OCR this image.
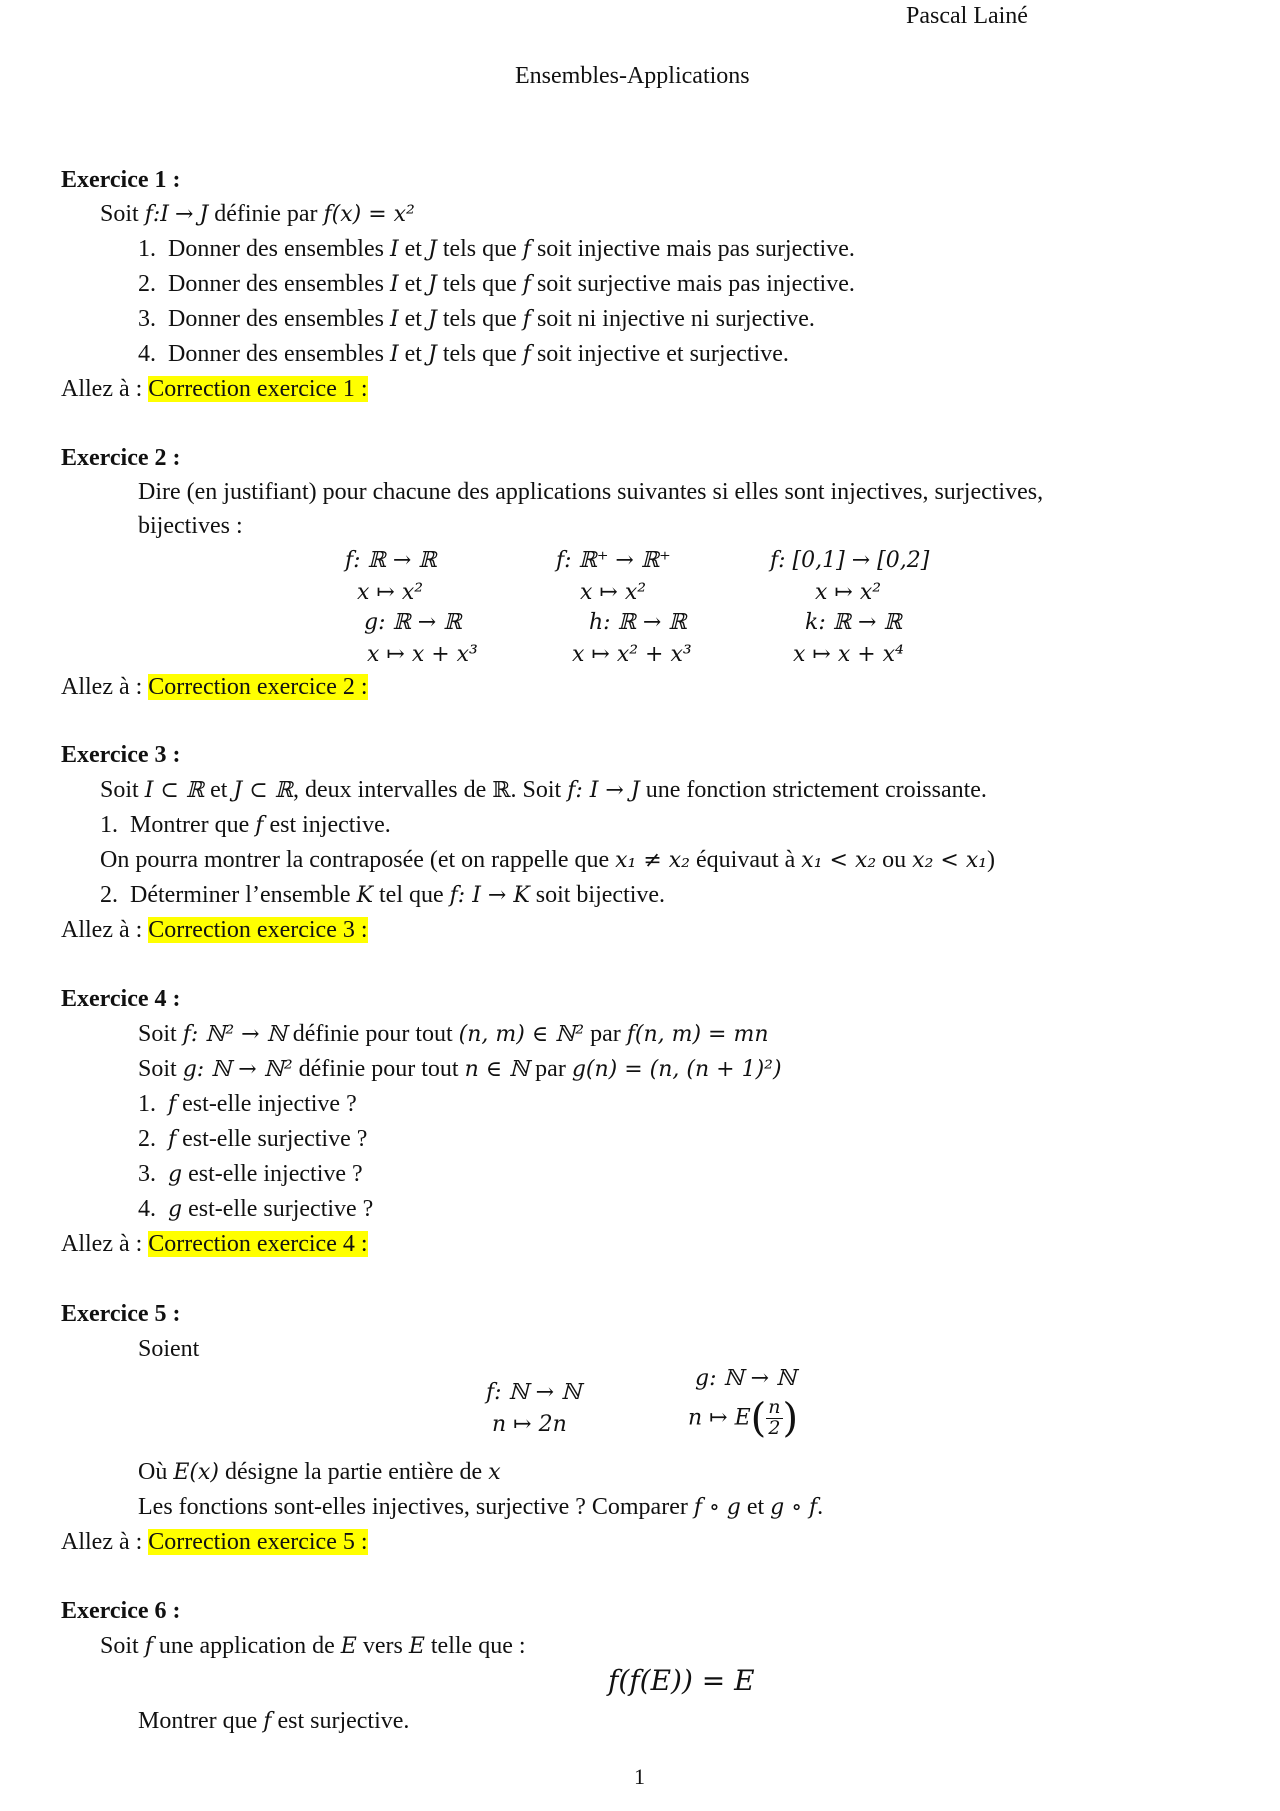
Pascal Lainé
Ensembles-Applications
Exercice 1 :
Soit f:I → J définie par f(x) = x²
1. Donner des ensembles I et J tels que f soit injective mais pas surjective.
2. Donner des ensembles I et J tels que f soit surjective mais pas injective.
3. Donner des ensembles I et J tels que f soit ni injective ni surjective.
4. Donner des ensembles I et J tels que f soit injective et surjective.
Allez à : Correction exercice 1 :
Exercice 2 :
Dire (en justifiant) pour chacune des applications suivantes si elles sont injectives, surjectives,
bijectives :
f: ℝ → ℝ
x ↦ x²
f: ℝ⁺ → ℝ⁺
x ↦ x²
f: [0,1] → [0,2]
x ↦ x²
g: ℝ → ℝ
x ↦ x + x³
h: ℝ → ℝ
x ↦ x² + x³
k: ℝ → ℝ
x ↦ x + x⁴
Allez à : Correction exercice 2 :
Exercice 3 :
Soit I ⊂ ℝ et J ⊂ ℝ, deux intervalles de ℝ. Soit f: I → J une fonction strictement croissante.
1. Montrer que f est injective.
On pourra montrer la contraposée (et on rappelle que x₁ ≠ x₂ équivaut à x₁ < x₂ ou x₂ < x₁)
2. Déterminer l’ensemble K tel que f: I → K soit bijective.
Allez à : Correction exercice 3 :
Exercice 4 :
Soit f: ℕ² → ℕ définie pour tout (n, m) ∈ ℕ² par f(n, m) = mn
Soit g: ℕ → ℕ² définie pour tout n ∈ ℕ par g(n) = (n, (n + 1)²)
1. f est-elle injective ?
2. f est-elle surjective ?
3. g est-elle injective ?
4. g est-elle surjective ?
Allez à : Correction exercice 4 :
Exercice 5 :
Soient
f: ℕ → ℕ
n ↦ 2n
g: ℕ → ℕ
n ↦ $E( \frac{n}{2}$ )
Où E(x) désigne la partie entière de x
Les fonctions sont-elles injectives, surjective ? Comparer f ∘ g et g ∘ f.
Allez à : Correction exercice 5 :
Exercice 6 :
Soit f une application de E vers E telle que :
f(f(E)) = E
Montrer que f est surjective.
1
